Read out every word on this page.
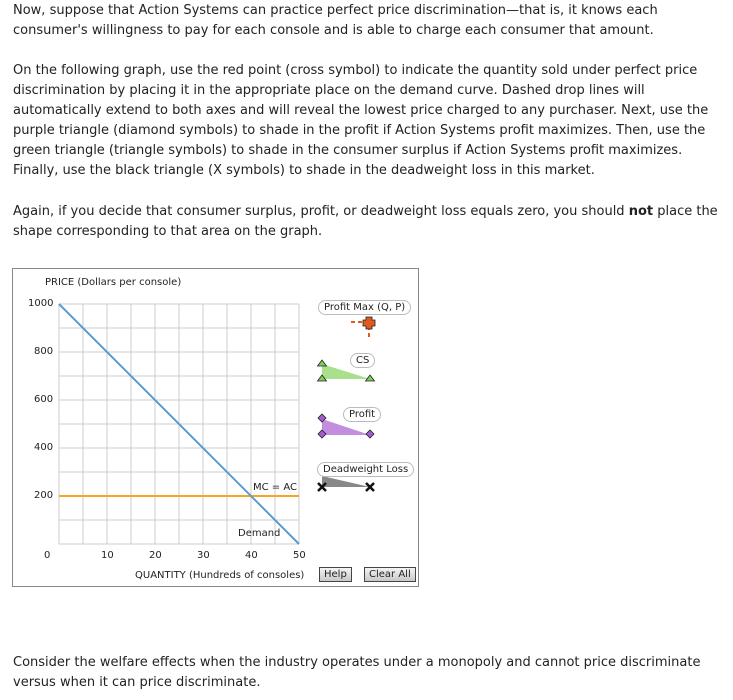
Now, suppose that Action Systems can practice perfect price discrimination—that is, it knows each consumer's willingness to pay for each console and is able to charge each consumer that amount.

On the following graph, use the red point (cross symbol) to indicate the quantity sold under perfect price discrimination by placing it in the appropriate place on the demand curve. Dashed drop lines will automatically extend to both axes and will reveal the lowest price charged to any purchaser. Next, use the purple triangle (diamond symbols) to shade in the profit if Action Systems profit maximizes. Then, use the green triangle (triangle symbols) to shade in the consumer surplus if Action Systems profit maximizes. Finally, use the black triangle (X symbols) to shade in the deadweight loss in this market.

Again, if you decide that consumer surplus, profit, or deadweight loss equals zero, you should not place the shape corresponding to that area on the graph.

PRICE (Dollars per console)
QUANTITY (Hundreds of consoles)
1000
800
600
400
200
10	20	30	40	50
0
MC = AC
Demand
Profit Max (Q, P)
CS
Profit
Deadweight Loss
Help	Clear All

Consider the welfare effects when the industry operates under a monopoly and cannot price discriminate versus when it can price discriminate.
